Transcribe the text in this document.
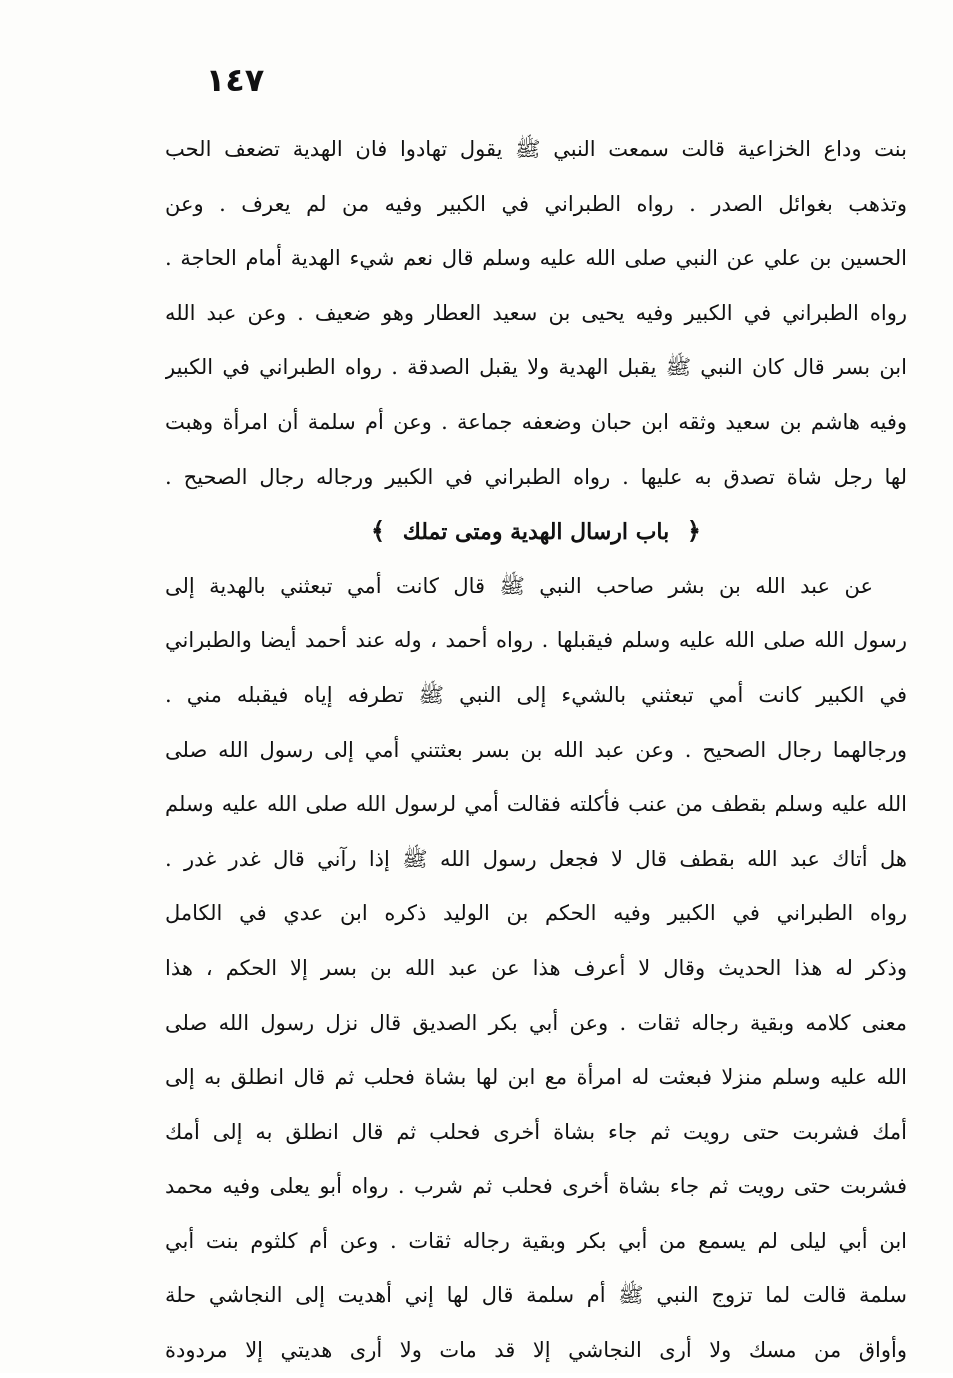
١٤٧
بنت وداع الخزاعية قالت سمعت النبي ﷺ يقول تهادوا فان الهدية تضعف الحب
وتذهب بغوائل الصدر . رواه الطبراني في الكبير وفيه من لم يعرف . وعن
الحسين بن علي عن النبي صلى الله عليه وسلم قال نعم شيء الهدية أمام الحاجة .
رواه الطبراني في الكبير وفيه يحيى بن سعيد العطار وهو ضعيف . وعن عبد الله
ابن بسر قال كان النبي ﷺ يقبل الهدية ولا يقبل الصدقة . رواه الطبراني في الكبير
وفيه هاشم بن سعيد وثقه ابن حبان وضعفه جماعة . وعن أم سلمة أن امرأة وهبت
لها رجل شاة تصدق به عليها . رواه الطبراني في الكبير ورجاله رجال الصحيح .
﴿ باب ارسال الهدية ومتى تملك ﴾
عن عبد الله بن بشر صاحب النبي ﷺ قال كانت أمي تبعثني بالهدية إلى
رسول الله صلى الله عليه وسلم فيقبلها . رواه أحمد ، وله عند أحمد أيضا والطبراني
في الكبير كانت أمي تبعثني بالشيء إلى النبي ﷺ تطرفه إياه فيقبله مني .
ورجالهما رجال الصحيح . وعن عبد الله بن بسر بعثتني أمي إلى رسول الله صلى
الله عليه وسلم بقطف من عنب فأكلته فقالت أمي لرسول الله صلى الله عليه وسلم
هل أتاك عبد الله بقطف قال لا فجعل رسول الله ﷺ إذا رآني قال غدر غدر .
رواه الطبراني في الكبير وفيه الحكم بن الوليد ذكره ابن عدي في الكامل
وذكر له هذا الحديث وقال لا أعرف هذا عن عبد الله بن بسر إلا الحكم ، هذا
معنى كلامه وبقية رجاله ثقات . وعن أبي بكر الصديق قال نزل رسول الله صلى
الله عليه وسلم منزلا فبعثت له امرأة مع ابن لها بشاة فحلب ثم قال انطلق به إلى
أمك فشربت حتى رويت ثم جاء بشاة أخرى فحلب ثم قال انطلق به إلى أمك
فشربت حتى رويت ثم جاء بشاة أخرى فحلب ثم شرب . رواه أبو يعلى وفيه محمد
ابن أبي ليلى لم يسمع من أبي بكر وبقية رجاله ثقات . وعن أم كلثوم بنت أبي
سلمة قالت لما تزوج النبي ﷺ أم سلمة قال لها إني أهديت إلى النجاشي حلة
وأواق من مسك ولا أرى النجاشي إلا قد مات ولا أرى هديتي إلا مردودة
